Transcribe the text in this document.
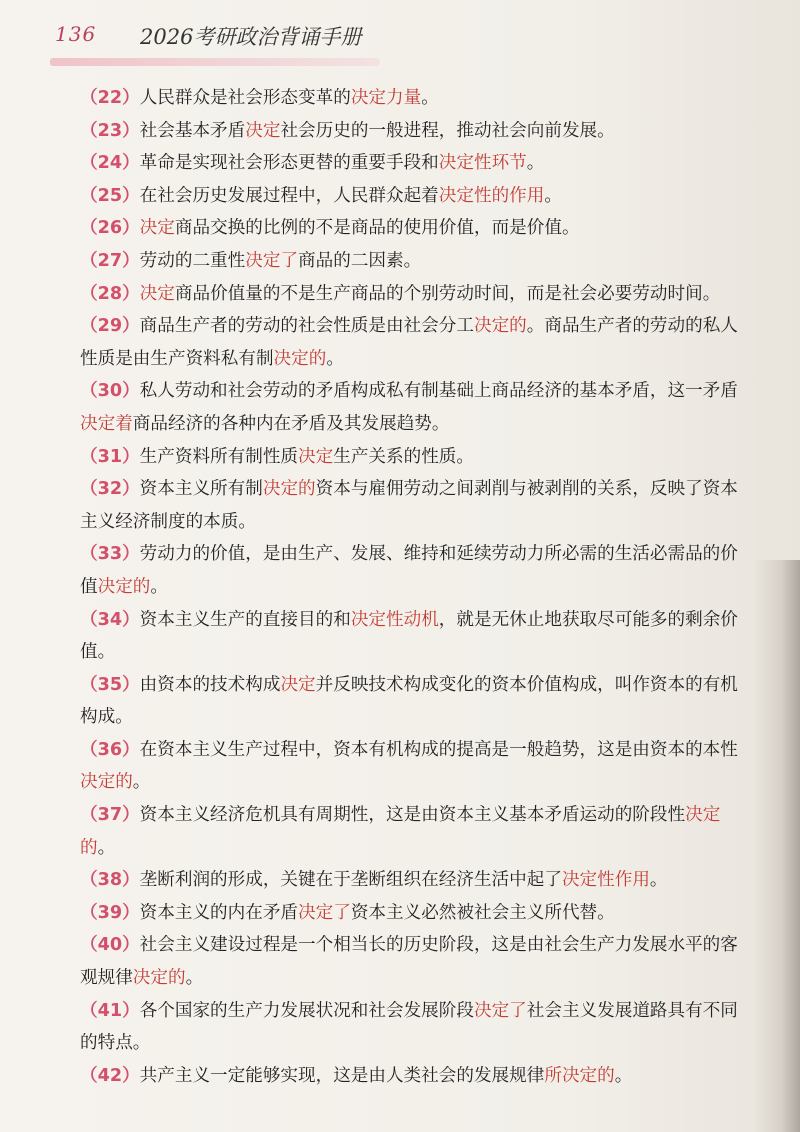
136 2026考研政治背诵手册

（22）人民群众是社会形态变革的决定力量。

（23）社会基本矛盾决定社会历史的一般进程，推动社会向前发展。

（24）革命是实现社会形态更替的重要手段和决定性环节。

（25）在社会历史发展过程中，人民群众起着决定性的作用。

（26）决定商品交换的比例的不是商品的使用价值，而是价值。

（27）劳动的二重性决定了商品的二因素。

（28）决定商品价值量的不是生产商品的个别劳动时间，而是社会必要劳动时间。

（29）商品生产者的劳动的社会性质是由社会分工决定的。商品生产者的劳动的私人性质是由生产资料私有制决定的。

（30）私人劳动和社会劳动的矛盾构成私有制基础上商品经济的基本矛盾，这一矛盾决定着商品经济的各种内在矛盾及其发展趋势。

（31）生产资料所有制性质决定生产关系的性质。

（32）资本主义所有制决定的资本与雇佣劳动之间剥削与被剥削的关系，反映了资本主义经济制度的本质。

（33）劳动力的价值，是由生产、发展、维持和延续劳动力所必需的生活必需品的价值决定的。

（34）资本主义生产的直接目的和决定性动机，就是无休止地获取尽可能多的剩余价值。

（35）由资本的技术构成决定并反映技术构成变化的资本价值构成，叫作资本的有机构成。

（36）在资本主义生产过程中，资本有机构成的提高是一般趋势，这是由资本的本性决定的。

（37）资本主义经济危机具有周期性，这是由资本主义基本矛盾运动的阶段性决定的。

（38）垄断利润的形成，关键在于垄断组织在经济生活中起了决定性作用。

（39）资本主义的内在矛盾决定了资本主义必然被社会主义所代替。

（40）社会主义建设过程是一个相当长的历史阶段，这是由社会生产力发展水平的客观规律决定的。

（41）各个国家的生产力发展状况和社会发展阶段决定了社会主义发展道路具有不同的特点。

（42）共产主义一定能够实现，这是由人类社会的发展规律所决定的。
